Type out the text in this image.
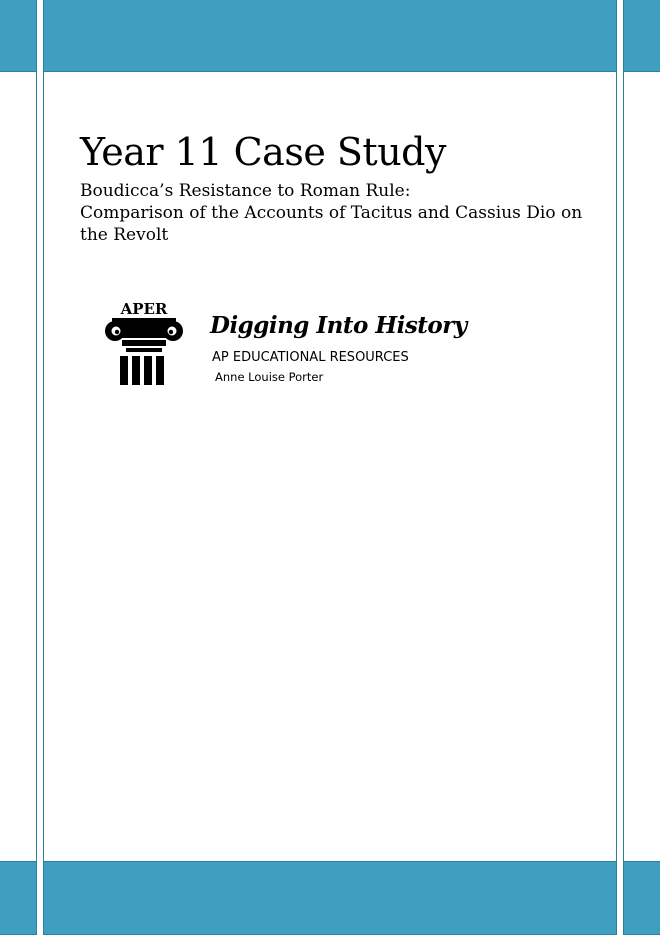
Year 11 Case Study
Boudicca’s Resistance to Roman Rule:
Comparison of the Accounts of Tacitus and Cassius Dio on
the Revolt
APER
Digging Into History
AP EDUCATIONAL RESOURCES
Anne Louise Porter
